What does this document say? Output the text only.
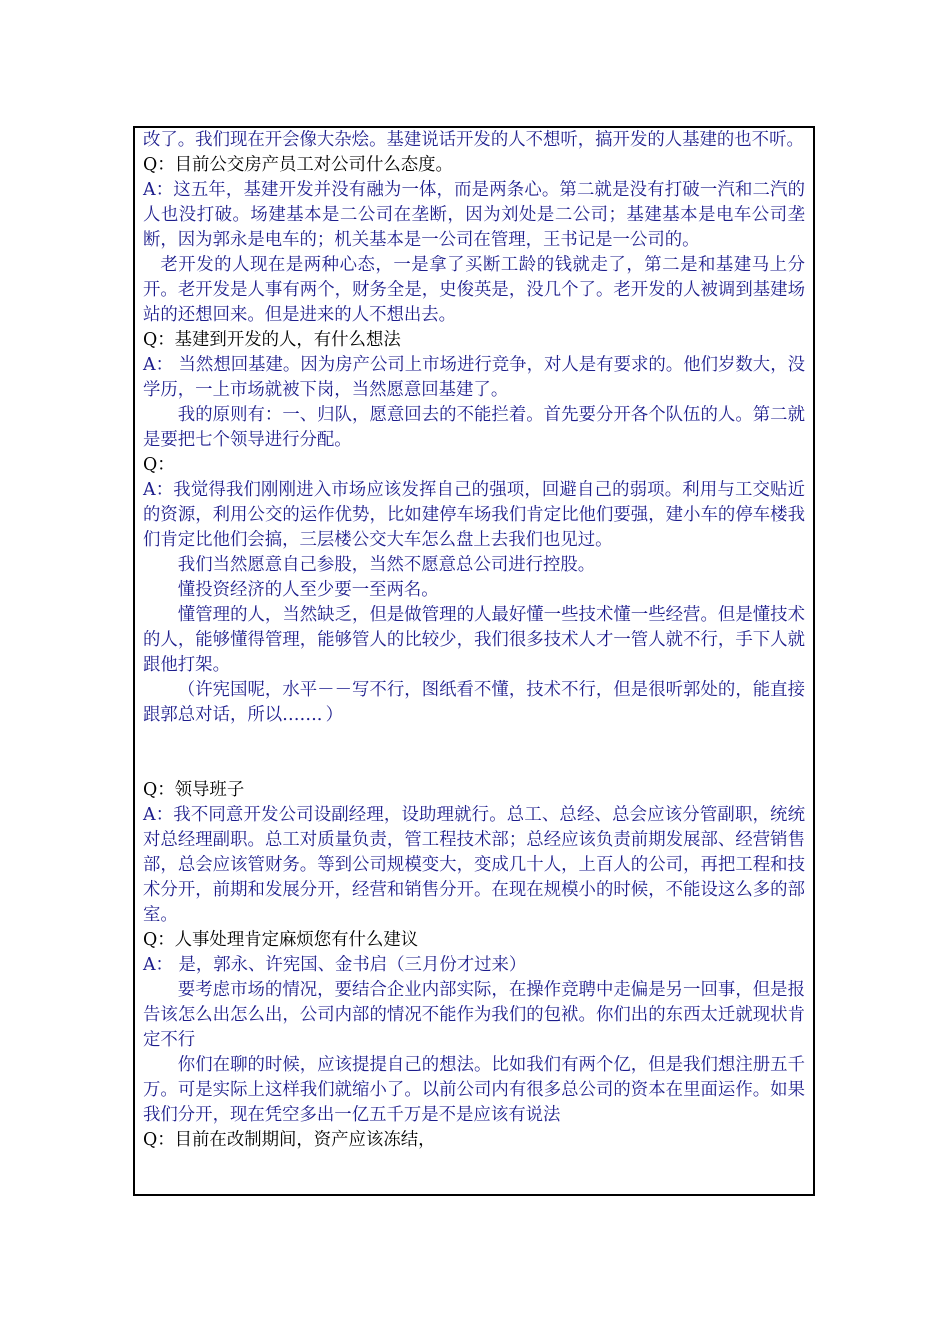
改了。我们现在开会像大杂烩。基建说话开发的人不想听，搞开发的人基建的也不听。

Q：目前公交房产员工对公司什么态度。

A：这五年，基建开发并没有融为一体，而是两条心。第二就是没有打破一汽和二汽的人也没打破。场建基本是二公司在垄断，因为刘处是二公司；基建基本是电车公司垄断，因为郭永是电车的；机关基本是一公司在管理，王书记是一公司的。

老开发的人现在是两种心态，一是拿了买断工龄的钱就走了，第二是和基建马上分开。老开发是人事有两个，财务全是，史俊英是，没几个了。老开发的人被调到基建场站的还想回来。但是进来的人不想出去。

Q：基建到开发的人，有什么想法

A： 当然想回基建。因为房产公司上市场进行竞争，对人是有要求的。他们岁数大，没学历，一上市场就被下岗，当然愿意回基建了。

我的原则有：一、归队，愿意回去的不能拦着。首先要分开各个队伍的人。第二就是要把七个领导进行分配。

Q：

A：我觉得我们刚刚进入市场应该发挥自己的强项，回避自己的弱项。利用与工交贴近的资源，利用公交的运作优势，比如建停车场我们肯定比他们要强，建小车的停车楼我们肯定比他们会搞，三层楼公交大车怎么盘上去我们也见过。

我们当然愿意自己参股，当然不愿意总公司进行控股。

懂投资经济的人至少要一至两名。

懂管理的人，当然缺乏，但是做管理的人最好懂一些技术懂一些经营。但是懂技术的人，能够懂得管理，能够管人的比较少，我们很多技术人才一管人就不行，手下人就跟他打架。

（许宪国呢，水平－－写不行，图纸看不懂，技术不行，但是很听郭处的，能直接跟郭总对话，所以……．）

Q：领导班子

A：我不同意开发公司设副经理，设助理就行。总工、总经、总会应该分管副职，统统对总经理副职。总工对质量负责，管工程技术部；总经应该负责前期发展部、经营销售部，总会应该管财务。等到公司规模变大，变成几十人，上百人的公司，再把工程和技术分开，前期和发展分开，经营和销售分开。在现在规模小的时候，不能设这么多的部室。

Q：人事处理肯定麻烦您有什么建议

A： 是，郭永、许宪国、金书启（三月份才过来）

要考虑市场的情况，要结合企业内部实际，在操作竞聘中走偏是另一回事，但是报告该怎么出怎么出，公司内部的情况不能作为我们的包袱。你们出的东西太迁就现状肯定不行

你们在聊的时候，应该提提自己的想法。比如我们有两个亿，但是我们想注册五千万。可是实际上这样我们就缩小了。以前公司内有很多总公司的资本在里面运作。如果我们分开，现在凭空多出一亿五千万是不是应该有说法

Q：目前在改制期间，资产应该冻结，
